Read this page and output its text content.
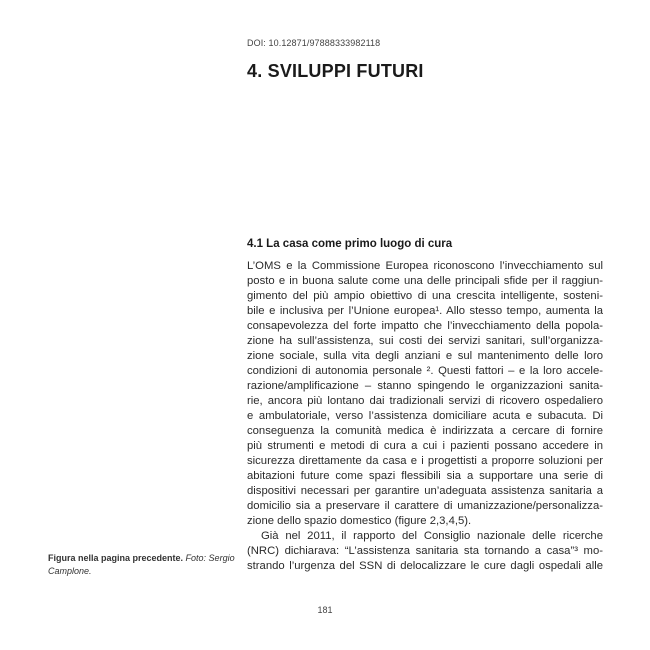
DOI: 10.12871/97888333982118
4. SVILUPPI FUTURI
4.1 La casa come primo luogo di cura
L’OMS e la Commissione Europea riconoscono l’invecchiamento sul
posto e in buona salute come una delle principali sfide per il raggiun-
gimento del più ampio obiettivo di una crescita intelligente, sosteni-
bile e inclusiva per l’Unione europea¹. Allo stesso tempo, aumenta la
consapevolezza del forte impatto che l’invecchiamento della popola-
zione ha sull’assistenza, sui costi dei servizi sanitari, sull’organizza-
zione sociale, sulla vita degli anziani e sul mantenimento delle loro
condizioni di autonomia personale ². Questi fattori – e la loro accele-
razione/amplificazione – stanno spingendo le organizzazioni sanita-
rie, ancora più lontano dai tradizionali servizi di ricovero ospedaliero
e ambulatoriale, verso l’assistenza domiciliare acuta e subacuta. Di
conseguenza la comunità medica è indirizzata a cercare di fornire
più strumenti e metodi di cura a cui i pazienti possano accedere in
sicurezza direttamente da casa e i progettisti a proporre soluzioni per
abitazioni future come spazi flessibili sia a supportare una serie di
dispositivi necessari per garantire un’adeguata assistenza sanitaria a
domicilio sia a preservare il carattere di umanizzazione/personalizza-
zione dello spazio domestico (figure 2,3,4,5).
Già nel 2011, il rapporto del Consiglio nazionale delle ricerche
(NRC) dichiarava: “L’assistenza sanitaria sta tornando a casa”³ mo-
strando l’urgenza del SSN di delocalizzare le cure dagli ospedali alle
Figura nella pagina precedente. Foto: Sergio Camplone.
181
